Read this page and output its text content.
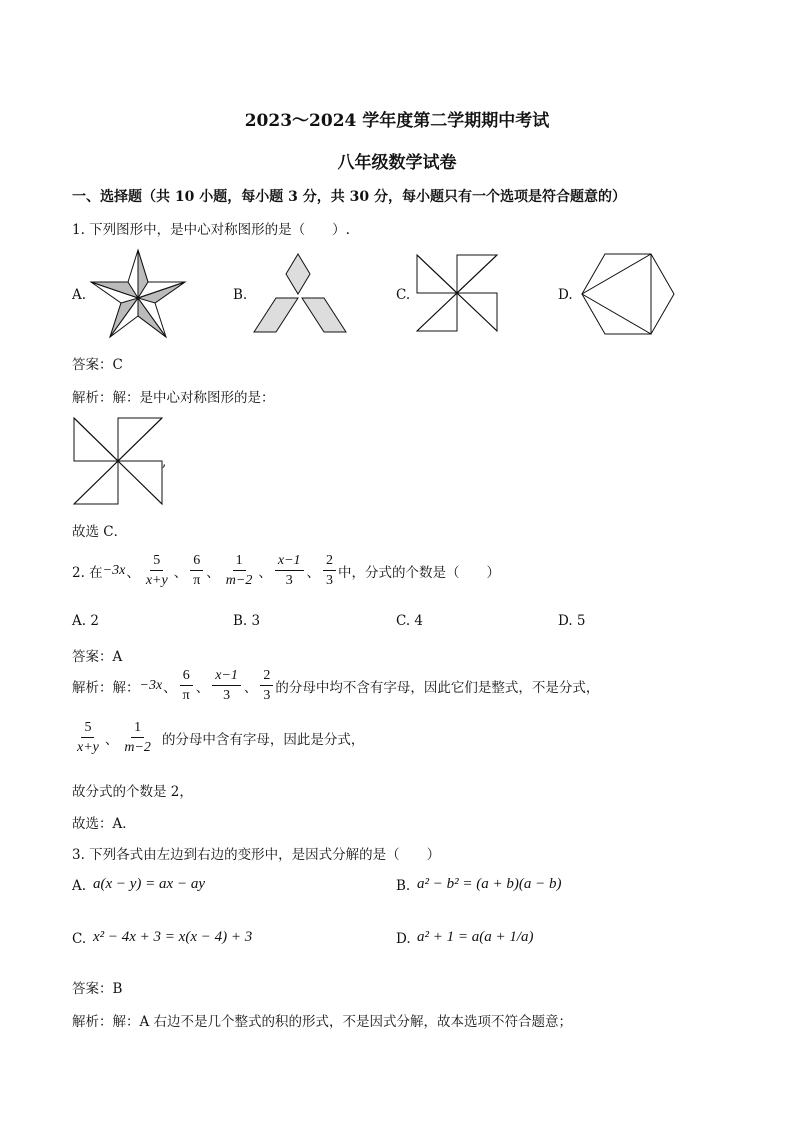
2023～2024 学年度第二学期期中考试
八年级数学试卷
一、选择题（共 10 小题，每小题 3 分，共 30 分，每小题只有一个选项是符合题意的）
1. 下列图形中，是中心对称图形的是（　　）.
A.	B.	C.	D.
答案：C
解析：解：是中心对称图形的是：
,
故选 C．
2. 在 −3x 、 $\frac{5}{x+y}$ 、 $\frac{6}{\pi}$ 、 $\frac{1}{m-2}$ 、 $\frac{x-1}{3}$ 、 $\frac{2}{3}$ 中，分式的个数是（　　）
A. 2	B. 3	C. 4	D. 5
答案：A
解析：解： −3x 、 $\frac{6}{\pi}$ 、 $\frac{x-1}{3}$ 、 $\frac{2}{3}$ 的分母中均不含有字母，因此它们是整式，不是分式，
$\frac{5}{x+y}$ 、 $\frac{1}{m-2}$ 的分母中含有字母，因此是分式，
故分式的个数是 2，
故选：A．
3. 下列各式由左边到右边的变形中，是因式分解的是（　　）
A. a(x − y) = ax − ay	B. a² − b² = (a + b)(a − b)
C. x² − 4x + 3 = x(x − 4) + 3	D. a² + 1 = a(a + 1/a)
答案：B
解析：解：A 右边不是几个整式的积的形式，不是因式分解，故本选项不符合题意；
